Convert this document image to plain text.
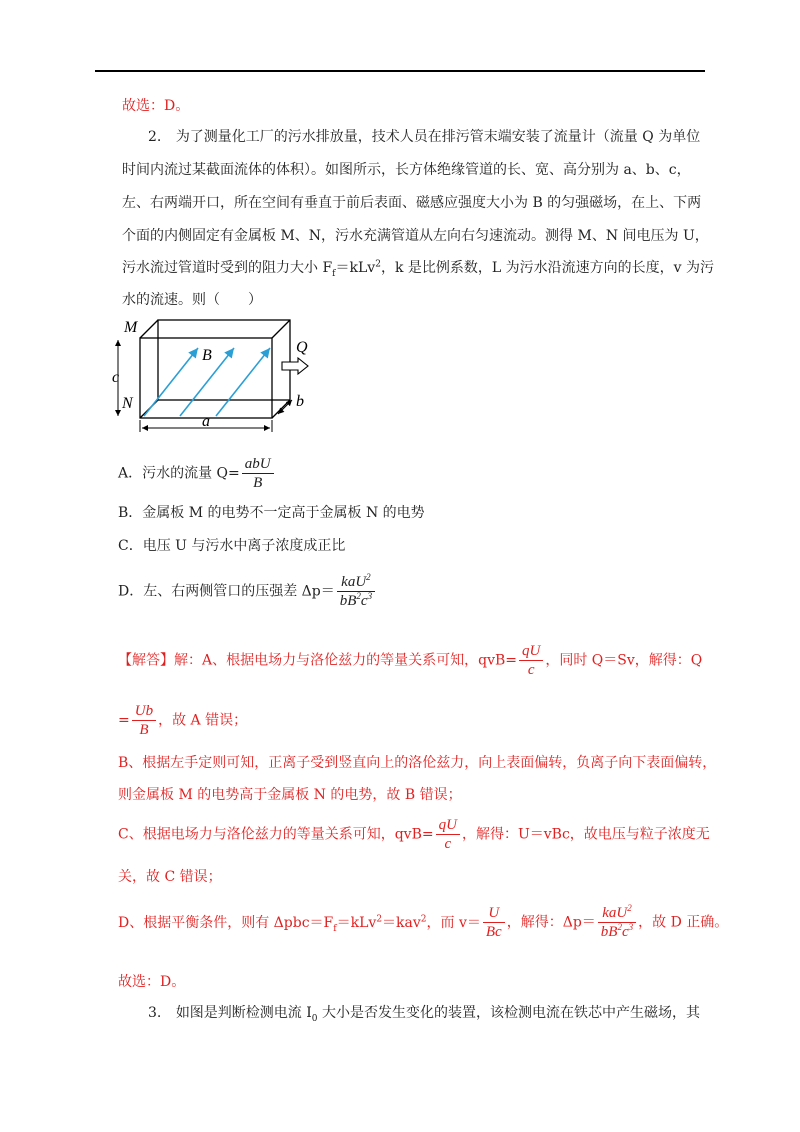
故选：D。
2. 为了测量化工厂的污水排放量，技术人员在排污管末端安装了流量计（流量 Q 为单位
时间内流过某截面流体的体积）。如图所示，长方体绝缘管道的长、宽、高分别为 a、b、c，
左、右两端开口，所在空间有垂直于前后表面、磁感应强度大小为 B 的匀强磁场，在上、下两
个面的内侧固定有金属板 M、N，污水充满管道从左向右匀速流动。测得 M、N 间电压为 U，
污水流过管道时受到的阻力大小 $F_f=kLv^2$，k 是比例系数，L 为污水沿流速方向的长度，v 为污
水的流速。则（　　）
M
N
c
B	Q
a
b
A．污水的流量 $Q= \frac{\text{abU}}{B}$
B．金属板 M 的电势不一定高于金属板 N 的电势
C．电压 U 与污水中离子浓度成正比
D．左、右两侧管口的压强差 $\Delta p= \frac{kaU^2}{bB^2c^3}$
【解答】解：A、根据电场力与洛伦兹力的等量关系可知，$qvB= \frac{qU}{c}$ ，同时 Q＝Sv，解得：Q
= $\frac{Ub}{B}$ ，故 A 错误；
B、根据左手定则可知，正离子受到竖直向上的洛伦兹力，向上表面偏转，负离子向下表面偏转，
则金属板 M 的电势高于金属板 N 的电势，故 B 错误；
C、根据电场力与洛伦兹力的等量关系可知，$qvB= \frac{qU}{c}$ ，解得：U＝vBc，故电压与粒子浓度无
关，故 C 错误；
D、根据平衡条件，则有 $\Delta pbc=F_f=kLv^2=kav^2$，而 $v= \frac{U}{Bc}$ ，解得：$\Delta p= \frac{kaU^2}{bB^2c^3}$ ，故 D 正确。
故选：D。
3. 如图是判断检测电流 $I_0$ 大小是否发生变化的装置，该检测电流在铁芯中产生磁场，其
